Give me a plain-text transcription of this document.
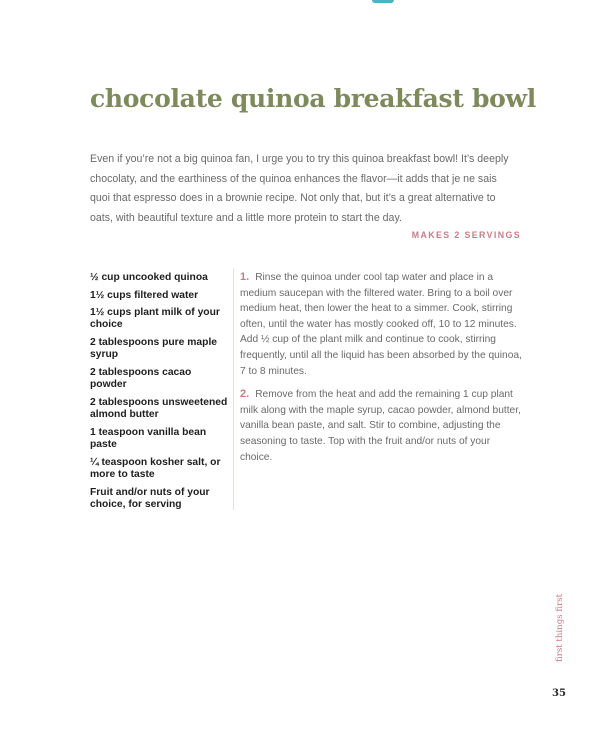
chocolate quinoa breakfast bowl

Even if you’re not a big quinoa fan, I urge you to try this quinoa breakfast bowl! It’s deeply chocolaty, and the earthiness of the quinoa enhances the flavor—it adds that je ne sais quoi that espresso does in a brownie recipe. Not only that, but it’s a great alternative to oats, with beautiful texture and a little more protein to start the day.

MAKES 2 SERVINGS

½ cup uncooked quinoa
1½ cups filtered water
1½ cups plant milk of your choice
2 tablespoons pure maple syrup
2 tablespoons cacao powder
2 tablespoons unsweetened almond butter
1 teaspoon vanilla bean paste
¼ teaspoon kosher salt, or more to taste
Fruit and/or nuts of your choice, for serving
1. Rinse the quinoa under cool tap water and place in a medium saucepan with the filtered water. Bring to a boil over medium heat, then lower the heat to a simmer. Cook, stirring often, until the water has mostly cooked off, 10 to 12 minutes. Add ½ cup of the plant milk and continue to cook, stirring frequently, until all the liquid has been absorbed by the quinoa, 7 to 8 minutes.
2. Remove from the heat and add the remaining 1 cup plant milk along with the maple syrup, cacao powder, almond butter, vanilla bean paste, and salt. Stir to combine, adjusting the seasoning to taste. Top with the fruit and/or nuts of your choice.
first things first

35
